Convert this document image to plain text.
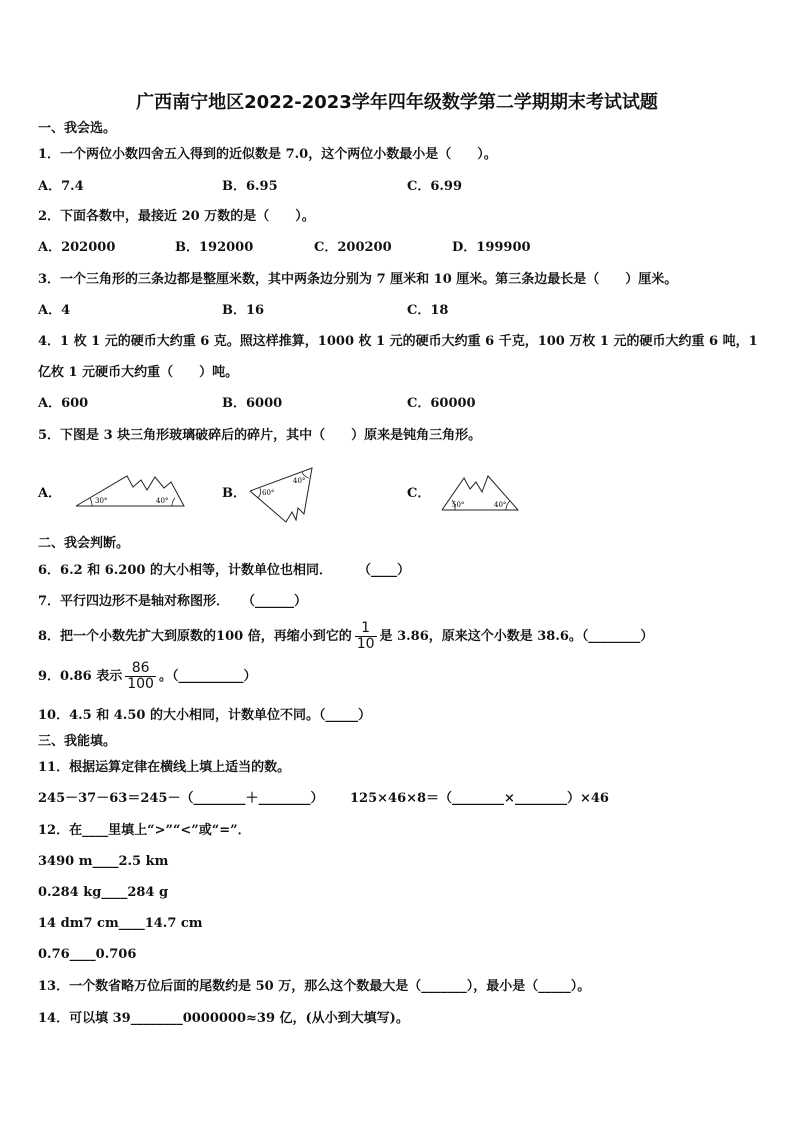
广西南宁地区2022-2023学年四年级数学第二学期期末考试试题
一、我会选。
1．一个两位小数四舍五入得到的近似数是 7.0，这个两位小数最小是（　　）。
A．7.4	B．6.95	C．6.99
2．下面各数中，最接近 20 万数的是（　　）。
A．202000	B．192000	C．200200	D．199900
3．一个三角形的三条边都是整厘米数，其中两条边分别为 7 厘米和 10 厘米。第三条边最长是（　　）厘米。
A．4	B．16	C．18
4．1 枚 1 元的硬币大约重 6 克。照这样推算，1000 枚 1 元的硬币大约重 6 千克，100 万枚 1 元的硬币大约重 6 吨，1
亿枚 1 元硬币大约重（　　）吨。
A．600	B．6000	C．60000
5．下图是 3 块三角形玻璃破碎后的碎片，其中（　　）原来是钝角三角形。
A．	30°	40°	B． 60°
40°
C．
50°	40°
二、我会判断。
6．6.2 和 6.200 的大小相等，计数单位也相同．　　　（____）
7．平行四边形不是轴对称图形．　　（______）
8．把一个小数先扩大到原数的100 倍，再缩小到它的 $\frac{1}{10}$ 是 3.86，原来这个小数是 38.6。（________）
9．0.86 表示 $\frac{86}{100}$ 。（__________）
10．4.5 和 4.50 的大小相同，计数单位不同。（_____）
三、我能填。
11．根据运算定律在横线上填上适当的数。
245－37－63＝245－（________＋________） 125×46×8＝（________×________）×46
12．在____里填上“>”“<”或“=”．
3490 m____2.5 km
0.284 kg____284 g
14 dm7 cm____14.7 cm
0.76____0.706
13．一个数省略万位后面的尾数约是 50 万，那么这个数最大是（_______），最小是（_____）。
14．可以填 39________0000000≈39 亿，(从小到大填写)。
